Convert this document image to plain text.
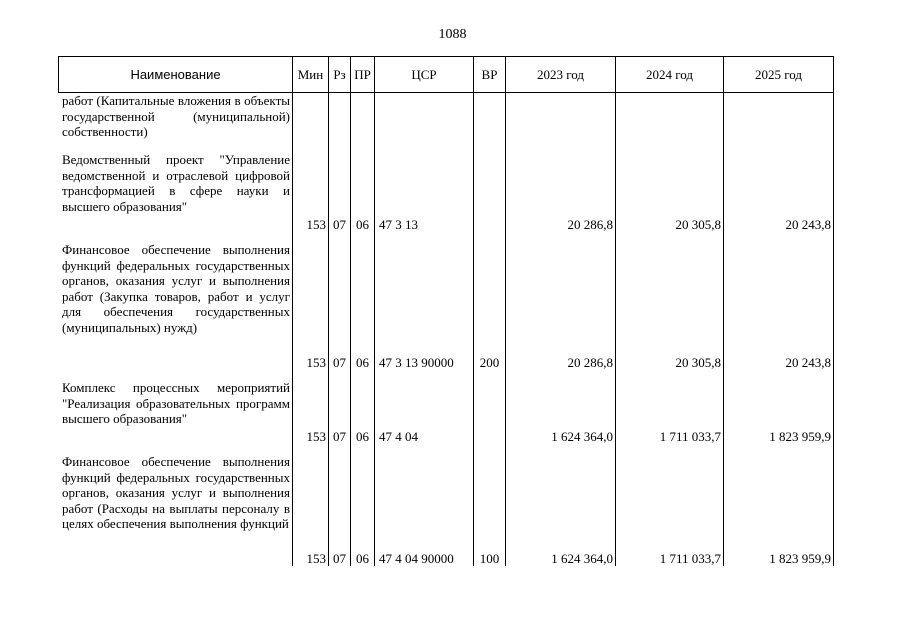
1088
Наименование	Мин	Рз	ПР	ЦСР	ВР	2023 год	2024 год	2025 год

работ (Капитальные вложения в объекты государственной (муниципальной) собственности)								

Ведомственный проект "Управление ведомственной и отраслевой цифровой трансформацией в сфере науки и высшего образования"	153	07	06	47 3 13		20 286,8	20 305,8	20 243,8

Финансовое обеспечение выполнения функций федеральных государственных органов, оказания услуг и выполнения работ (Закупка товаров, работ и услуг для обеспечения государственных (муниципальных) нужд)	153	07	06	47 3 13 90000	200	20 286,8	20 305,8	20 243,8

Комплекс процессных мероприятий "Реализация образовательных программ высшего образования"	153	07	06	47 4 04		1 624 364,0	1 711 033,7	1 823 959,9

Финансовое обеспечение выполнения функций федеральных государственных органов, оказания услуг и выполнения работ (Расходы на выплаты персоналу в целях обеспечения выполнения функций	153	07	06	47 4 04 90000	100	1 624 364,0	1 711 033,7	1 823 959,9
